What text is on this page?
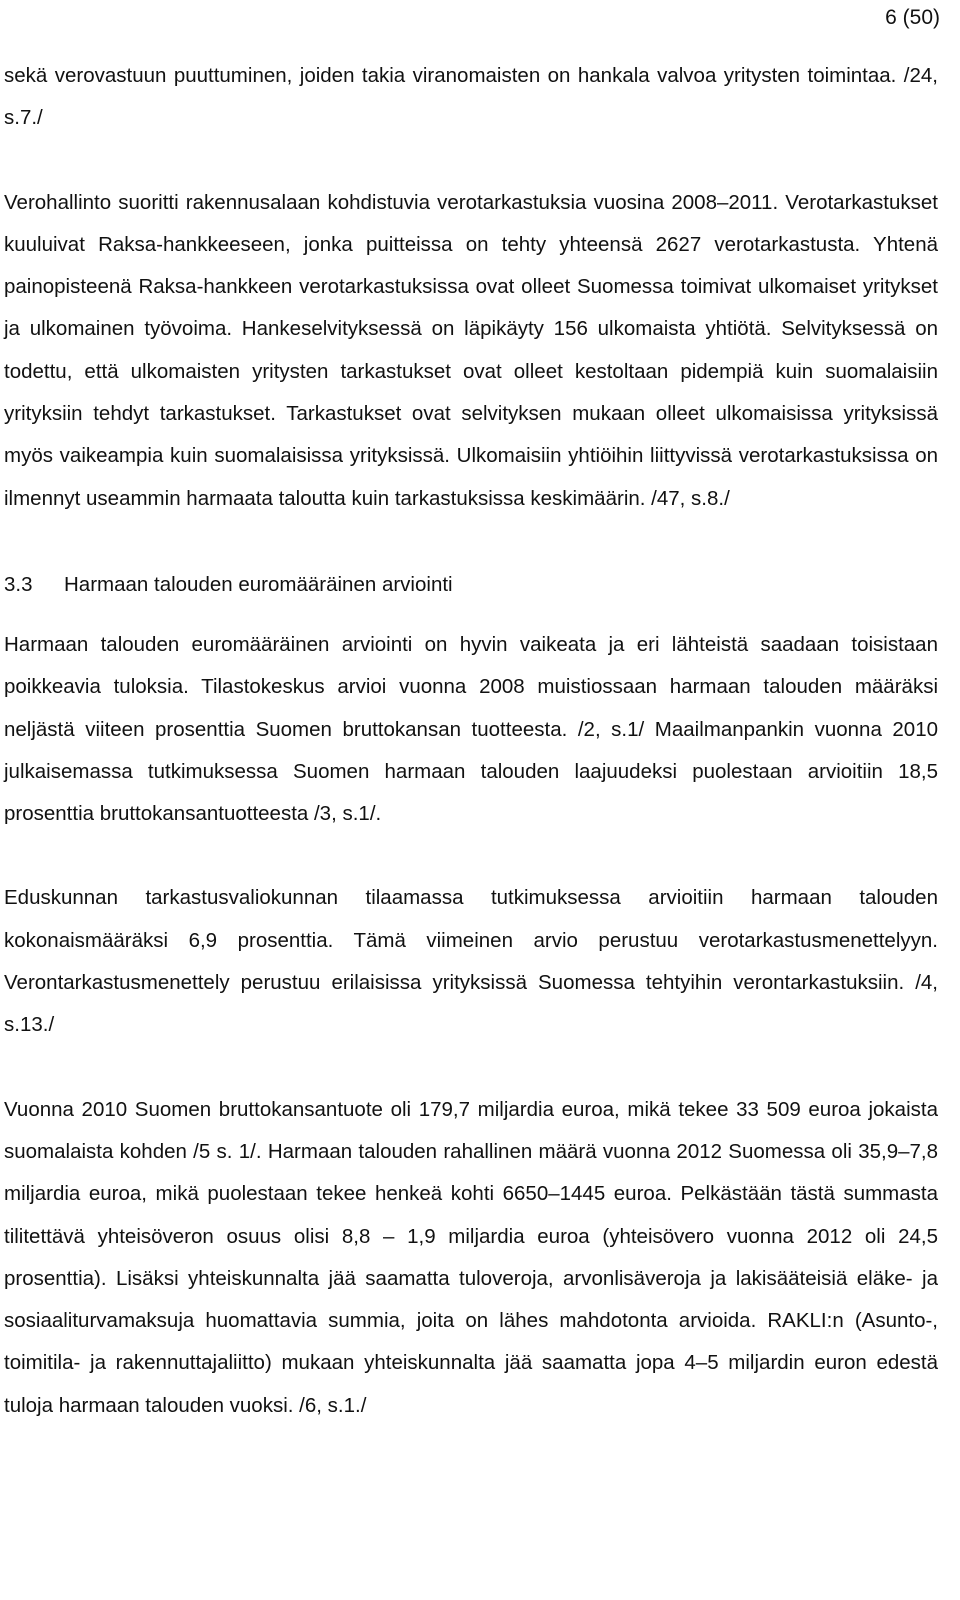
6 (50)

sekä verovastuun puuttuminen, joiden takia viranomaisten on hankala valvoa yritysten toimintaa. /24, s.7./

Verohallinto suoritti rakennusalaan kohdistuvia verotarkastuksia vuosina 2008–2011. Verotarkastukset kuuluivat Raksa-hankkeeseen, jonka puitteissa on tehty yhteensä 2627 verotarkastusta. Yhtenä painopisteenä Raksa-hankkeen verotarkastuksissa ovat olleet Suomessa toimivat ulkomaiset yritykset ja ulkomainen työvoima. Hankeselvityksessä on läpikäyty 156 ulkomaista yhtiötä. Selvityksessä on todettu, että ulkomaisten yritysten tarkastukset ovat olleet kestoltaan pidempiä kuin suomalaisiin yrityksiin tehdyt tarkastukset. Tarkastukset ovat selvityksen mukaan olleet ulkomaisissa yrityksissä myös vaikeampia kuin suomalaisissa yrityksissä. Ulkomaisiin yhtiöihin liittyvissä verotarkastuksissa on ilmennyt useammin harmaata taloutta kuin tarkastuksissa keskimäärin. /47, s.8./

3.3	Harmaan talouden euromääräinen arviointi

Harmaan talouden euromääräinen arviointi on hyvin vaikeata ja eri lähteistä saadaan toisistaan poikkeavia tuloksia. Tilastokeskus arvioi vuonna 2008 muistiossaan harmaan talouden määräksi neljästä viiteen prosenttia Suomen bruttokansan tuotteesta. /2, s.1/ Maailmanpankin vuonna 2010 julkaisemassa tutkimuksessa Suomen harmaan talouden laajuudeksi puolestaan arvioitiin 18,5 prosenttia bruttokansantuotteesta /3, s.1/.

Eduskunnan tarkastusvaliokunnan tilaamassa tutkimuksessa arvioitiin harmaan talouden kokonaismääräksi 6,9 prosenttia. Tämä viimeinen arvio perustuu verotarkastusmenettelyyn. Verontarkastusmenettely perustuu erilaisissa yrityksissä Suomessa tehtyihin verontarkastuksiin. /4, s.13./

Vuonna 2010 Suomen bruttokansantuote oli 179,7 miljardia euroa, mikä tekee 33 509 euroa jokaista suomalaista kohden /5 s. 1/. Harmaan talouden rahallinen määrä vuonna 2012 Suomessa oli 35,9–7,8 miljardia euroa, mikä puolestaan tekee henkeä kohti 6650–1445 euroa. Pelkästään tästä summasta tilitettävä yhteisöveron osuus olisi 8,8 – 1,9 miljardia euroa (yhteisövero vuonna 2012 oli 24,5 prosenttia). Lisäksi yhteiskunnalta jää saamatta tuloveroja, arvonlisäveroja ja lakisääteisiä eläke- ja sosiaaliturvamaksuja huomattavia summia, joita on lähes mahdotonta arvioida. RAKLI:n (Asunto-, toimitila- ja rakennuttajaliitto) mukaan yhteiskunnalta jää saamatta jopa 4–5 miljardin euron edestä tuloja harmaan talouden vuoksi. /6, s.1./
